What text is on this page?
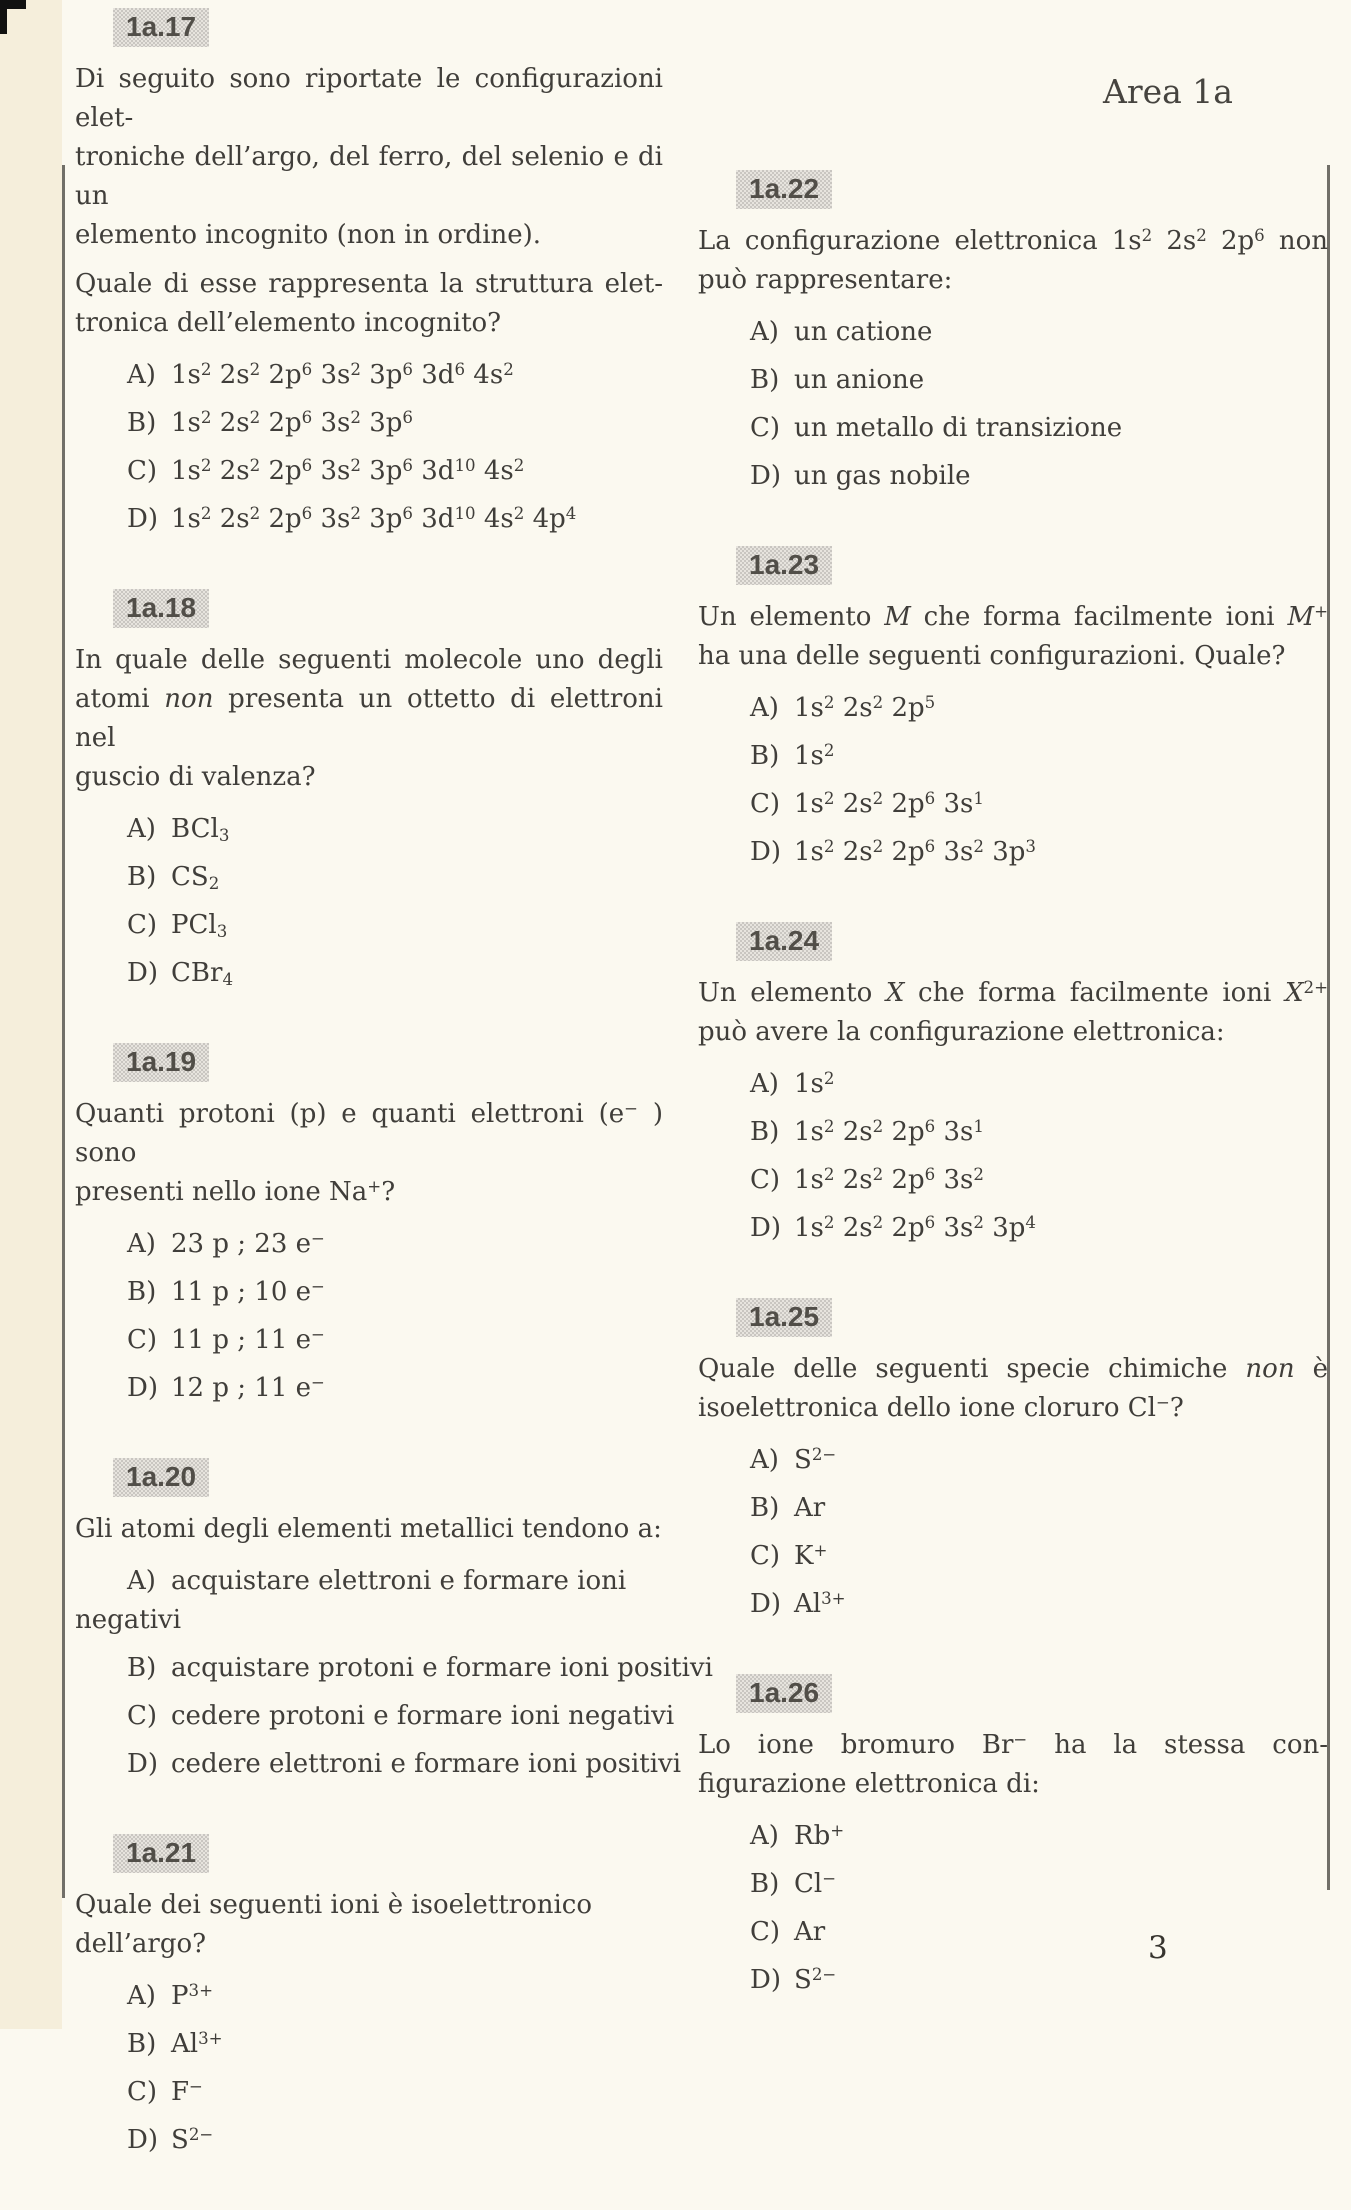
Area 1a
1a.17
Di seguito sono riportate le configurazioni elet-
troniche dell’argo, del ferro, del selenio e di un
elemento incognito (non in ordine).
Quale di esse rappresenta la struttura elet-
tronica dell’elemento incognito?
A) $1s^2$ $2s^2$ $2p^6$ $3s^2$ $3p^6$ $3d^6$ $4s^2$
B) $1s^2$ $2s^2$ $2p^6$ $3s^2$ $3p^6$
C) $1s^2$ $2s^2$ $2p^6$ $3s^2$ $3p^6$ $3d^{10}$ $4s^2$
D) $1s^2$ $2s^2$ $2p^6$ $3s^2$ $3p^6$ $3d^{10}$ $4s^2$ $4p^4$
1a.18
In quale delle seguenti molecole uno degli
atomi non presenta un ottetto di elettroni nel
guscio di valenza?
A) BCl$_3$
B) $CS_2$
C) PCl$_3$
D) CBr$_4$
1a.19
Quanti protoni (p) e quanti elettroni (e− ) sono
presenti nello ione Na+?
A) 23 p ; 23 e−
B) 11 p ; 10 e−
C) 11 p ; 11 e−
D) 12 p ; 11 e−
1a.20
Gli atomi degli elementi metallici tendono a:
A) acquistare elettroni e formare ioni
negativi
B) acquistare protoni e formare ioni positivi
C) cedere protoni e formare ioni negativi
D) cedere elettroni e formare ioni positivi
1a.21
Quale dei seguenti ioni è isoelettronico dell’argo?
A) $P^{3+}$
B) $Al^{3+}$
C) F−
D) $S^{2-}$
1a.22
La configurazione elettronica $1s^2$ $2s^2$ $2p^6$ non
può rappresentare:
A) un catione
B) un anione
C) un metallo di transizione
D) un gas nobile
1a.23
Un elemento M che forma facilmente ioni M+
ha una delle seguenti configurazioni. Quale?
A) $1s^2$ $2s^2$ $2p^5$
B) $1s^2$
C) $1s^2$ $2s^2$ $2p^6$ $3s^1$
D) $1s^2$ $2s^2$ $2p^6$ $3s^2$ $3p^3$
1a.24
Un elemento X che forma facilmente ioni $X^{2+}$
può avere la configurazione elettronica:
A) $1s^2$
B) $1s^2$ $2s^2$ $2p^6$ $3s^1$
C) $1s^2$ $2s^2$ $2p^6$ $3s^2$
D) $1s^2$ $2s^2$ $2p^6$ $3s^2$ $3p^4$
1a.25
Quale delle seguenti specie chimiche non è
isoelettronica dello ione cloruro Cl−?
A) $S^{2-}$
B) Ar
C) K+
D) $Al^{3+}$
1a.26
Lo ione bromuro Br− ha la stessa con-
figurazione elettronica di:
A) Rb+
B) Cl−
C) Ar
D) $S^{2-}$
3
